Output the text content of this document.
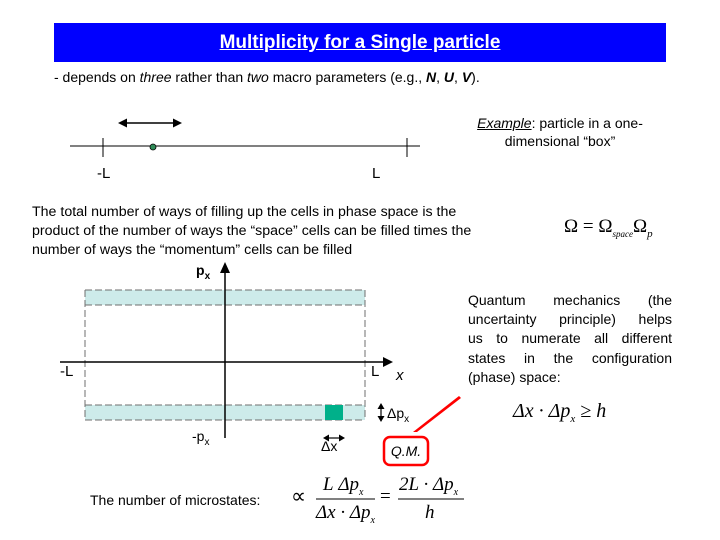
Multiplicity for a Single particle
- depends on three rather than two macro parameters (e.g., N, U, V).
Example: particle in a one-
dimensional “box”
-L	L
$p_x$
-L	L x
$-p_x$
$\Delta p_x$
Δx	Q.M.
The total number of ways of filling up the cells in phase space is the
product of the number of ways the “space” cells can be filled times the
number of ways the “momentum” cells can be filled
$\Omega = \Omega_{space}\Omega_p$
Quantum mechanics (the
uncertainty principle) helps
us to numerate all different
states in the configuration
(phase) space:
$\Delta x \cdot \Delta p_x \ge h$
The number of microstates: ∝ L $\Delta p_x$
$\Delta x \cdot \Delta p_x$
=
$2L \cdot \Delta p_x$
h
